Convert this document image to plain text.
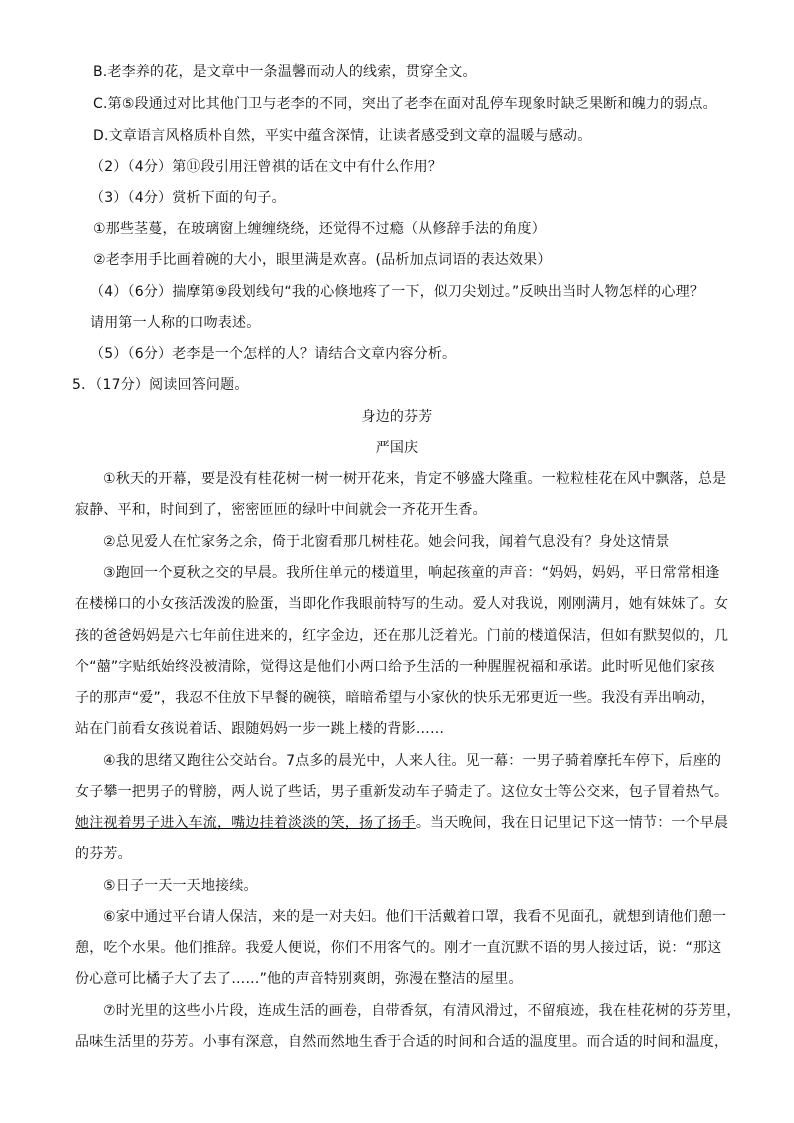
B.老李养的花，是文章中一条温馨而动人的线索，贯穿全文。
C.第⑤段通过对比其他门卫与老李的不同，突出了老李在面对乱停车现象时缺乏果断和魄力的弱点。
D.文章语言风格质朴自然，平实中蕴含深情，让读者感受到文章的温暖与感动。
（2）（4分）第⑪段引用汪曾祺的话在文中有什么作用？
（3）（4分）赏析下面的句子。
①那些茎蔓，在玻璃窗上缠缠绕绕，还觉得不过瘾（从修辞手法的角度）
②老李用手比画着碗的大小，眼里满是欢喜。(品析加点词语的表达效果）
（4）（6分）揣摩第⑨段划线句“我的心倏地疼了一下，似刀尖划过。”反映出当时人物怎样的心理？
请用第一人称的口吻表述。
（5）（6分）老李是一个怎样的人？请结合文章内容分析。
5．（17分）阅读回答问题。
身边的芬芳
严国庆
①秋天的开幕，要是没有桂花树一树一树开花来，肯定不够盛大隆重。一粒粒桂花在风中飘落，总是
寂静、平和，时间到了，密密匝匝的绿叶中间就会一齐花开生香。
②总见爱人在忙家务之余，倚于北窗看那几树桂花。她会问我，闻着气息没有？身处这情景
③跑回一个夏秋之交的早晨。我所住单元的楼道里，响起孩童的声音：“妈妈，妈妈，平日常常相逢
在楼梯口的小女孩活泼泼的脸蛋，当即化作我眼前特写的生动。爱人对我说，刚刚满月，她有妹妹了。女
孩的爸爸妈妈是六七年前住进来的，红字金边，还在那儿泛着光。门前的楼道保洁，但如有默契似的，几
个“囍”字贴纸始终没被清除，觉得这是他们小两口给予生活的一种腥腥祝福和承诺。此时听见他们家孩
子的那声“爱”，我忍不住放下早餐的碗筷，暗暗希望与小家伙的快乐无邪更近一些。我没有弄出响动，
站在门前看女孩说着话、跟随妈妈一步一跳上楼的背影……
④我的思绪又跑往公交站台。7点多的晨光中，人来人往。见一幕：一男子骑着摩托车停下，后座的
女子攀一把男子的臂膀，两人说了些话，男子重新发动车子骑走了。这位女士等公交来，包子冒着热气。
她注视着男子进入车流，嘴边挂着淡淡的笑，扬了扬手。当天晚间，我在日记里记下这一情节：一个早晨
的芬芳。
⑤日子一天一天地接续。
⑥家中通过平台请人保洁，来的是一对夫妇。他们干活戴着口罩，我看不见面孔，就想到请他们憩一
憩，吃个水果。他们推辞。我爱人便说，你们不用客气的。刚才一直沉默不语的男人接过话，说：“那这
份心意可比橘子大了去了……”他的声音特别爽朗，弥漫在整洁的屋里。
⑦时光里的这些小片段，连成生活的画卷，自带香氛，有清风滑过，不留痕迹，我在桂花树的芬芳里，
品味生活里的芬芳。小事有深意，自然而然地生香于合适的时间和合适的温度里。而合适的时间和温度，
